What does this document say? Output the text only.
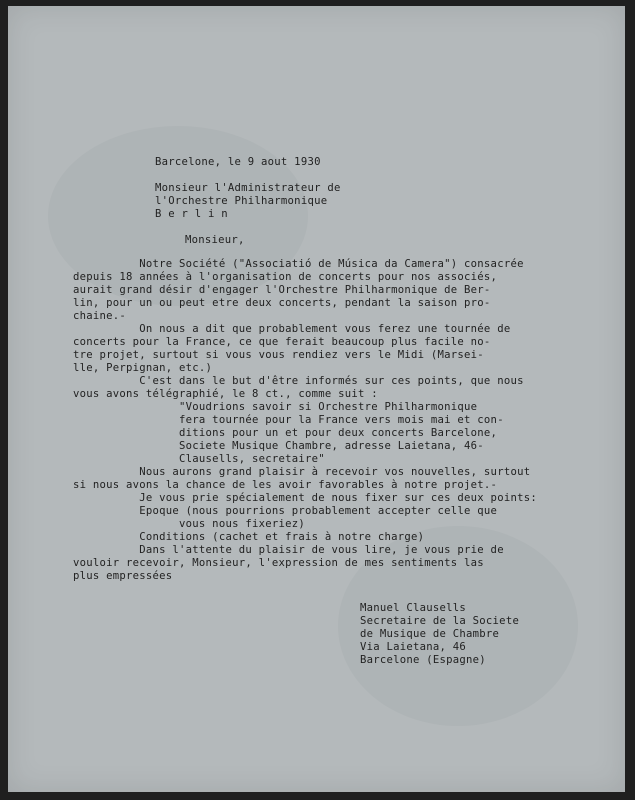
Barcelone, le 9 aout 1930

Monsieur l'Administrateur de

l'Orchestre Philharmonique

B e r l i n

Monsieur,

Notre Société ("Associatió de Música da Camera") consacrée

depuis 18 années à l'organisation de concerts pour nos associés,

aurait grand désir d'engager l'Orchestre Philharmonique de Ber-

lin, pour un ou peut etre deux concerts, pendant la saison pro-

chaine.-

On nous a dit que probablement vous ferez une tournée de

concerts pour la France, ce que ferait beaucoup plus facile no-

tre projet, surtout si vous vous rendiez vers le Midi (Marsei-

lle, Perpignan, etc.)

C'est dans le but d'être informés sur ces points, que nous

vous avons télégraphié, le 8 ct., comme suit :

"Voudrions savoir si Orchestre Philharmonique

fera tournée pour la France vers mois mai et con-

ditions pour un et pour deux concerts Barcelone,

Societe Musique Chambre, adresse Laietana, 46-

Clausells, secretaire"

Nous aurons grand plaisir à recevoir vos nouvelles, surtout

si nous avons la chance de les avoir favorables à notre projet.-

Je vous prie spécialement de nous fixer sur ces deux points:

Epoque (nous pourrions probablement accepter celle que

vous nous fixeriez)

Conditions (cachet et frais à notre charge)

Dans l'attente du plaisir de vous lire, je vous prie de

vouloir recevoir, Monsieur, l'expression de mes sentiments las

plus empressées

Manuel Clausells

Secretaire de la Societe

de Musique de Chambre

Via Laietana, 46

Barcelone (Espagne)
